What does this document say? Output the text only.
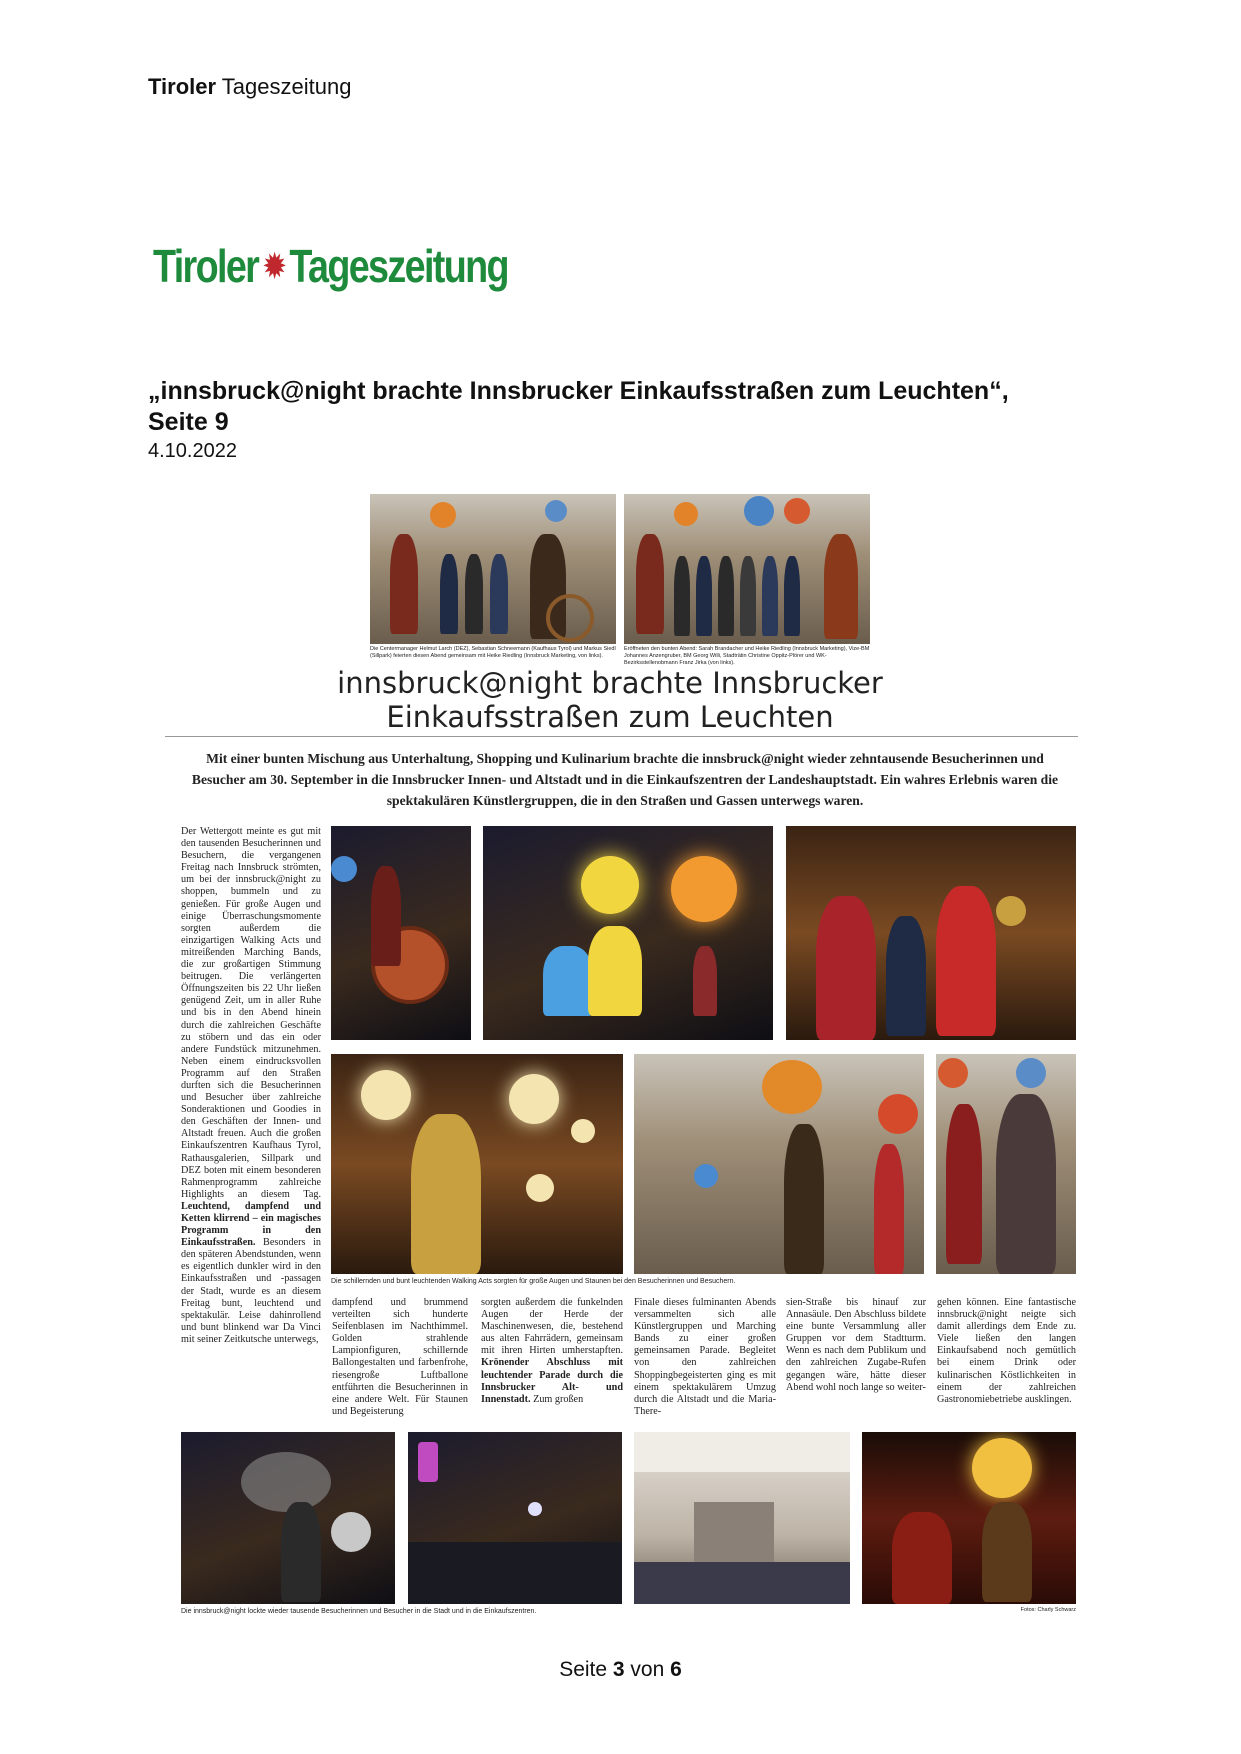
Tiroler Tageszeitung
Tiroler ✹ Tageszeitung
„innsbruck@night brachte Innsbrucker Einkaufsstraßen zum Leuchten“,
Seite 9
4.10.2022
Die Centermanager Helmut Larch (DEZ), Sebastian Schneemann (Kaufhaus Tyrol) und Markus Siedl (Sillpark) feierten diesen Abend gemeinsam mit Heike Riedling (Innsbruck Marketing, von links).
Eröffneten den bunten Abend: Sarah Brandacher und Heike Riedling (Innsbruck Marketing), Vize-BM Johannes Anzengruber, BM Georg Willi, Stadträtin Christine Oppitz-Plörer und WK-Bezirksstellenobmann Franz Jirka (von links).
innsbruck@night brachte Innsbrucker
Einkaufsstraßen zum Leuchten
Mit einer bunten Mischung aus Unterhaltung, Shopping und Kulinarium brachte die innsbruck@night wieder zehntausende Besucherinnen und Besucher am 30. September in die Innsbrucker Innen- und Altstadt und in die Einkaufszentren der Landeshauptstadt. Ein wahres Erlebnis waren die spektakulären Künstlergruppen, die in den Straßen und Gassen unterwegs waren.
Der Wettergott meinte es gut mit den tausenden Besucherinnen und Besuchern, die vergangenen Freitag nach Innsbruck strömten, um bei der innsbruck@night zu shoppen, bummeln und zu genießen. Für große Augen und einige Überraschungsmomente sorgten außerdem die einzigartigen Walking Acts und mitreißenden Marching Bands, die zur großartigen Stimmung beitrugen. Die verlängerten Öffnungszeiten bis 22 Uhr ließen genügend Zeit, um in aller Ruhe und bis in den Abend hinein durch die zahlreichen Geschäfte zu stöbern und das ein oder andere Fundstück mitzunehmen. Neben einem eindrucksvollen Programm auf den Straßen durften sich die Besucherinnen und Besucher über zahlreiche Sonderaktionen und Goodies in den Geschäften der Innen- und Altstadt freuen. Auch die großen Einkaufszentren Kaufhaus Tyrol, Rathausgalerien, Sillpark und DEZ boten mit einem besonderen Rahmenprogramm zahlreiche Highlights an diesem Tag. Leuchtend, dampfend und Ketten klirrend – ein magisches Programm in den Einkaufsstraßen. Besonders in den späteren Abendstunden, wenn es eigentlich dunkler wird in den Einkaufsstraßen und -passagen der Stadt, wurde es an diesem Freitag bunt, leuchtend und spektakulär. Leise dahinrollend und bunt blinkend war Da Vinci mit seiner Zeitkutsche unterwegs,
Die schillernden und bunt leuchtenden Walking Acts sorgten für große Augen und Staunen bei den Besucherinnen und Besuchern.
dampfend und brummend verteilten sich hunderte Seifenblasen im Nachthimmel. Golden strahlende Lampionfiguren, schillernde Ballongestalten und farbenfrohe, riesengroße Luftballone entführten die Besucherinnen in eine andere Welt. Für Staunen und Begeisterung
sorgten außerdem die funkelnden Augen der Herde der Maschinenwesen, die, bestehend aus alten Fahrrädern, gemeinsam mit ihren Hirten umherstapften. Krönender Abschluss mit leuchtender Parade durch die Innsbrucker Alt- und Innenstadt. Zum großen
Finale dieses fulminanten Abends versammelten sich alle Künstlergruppen und Marching Bands zu einer großen gemeinsamen Parade. Begleitet von den zahlreichen Shoppingbegeisterten ging es mit einem spektakulärem Umzug durch die Altstadt und die Maria-There-
sien-Straße bis hinauf zur Annasäule. Den Abschluss bildete eine bunte Versammlung aller Gruppen vor dem Stadtturm. Wenn es nach dem Publikum und den zahlreichen Zugabe-Rufen gegangen wäre, hätte dieser Abend wohl noch lange so weiter-
gehen können. Eine fantastische innsbruck@night neigte sich damit allerdings dem Ende zu. Viele ließen den langen Einkaufsabend noch gemütlich bei einem Drink oder kulinarischen Köstlichkeiten in einem der zahlreichen Gastronomiebetriebe ausklingen.
Die innsbruck@night lockte wieder tausende Besucherinnen und Besucher in die Stadt und in die Einkaufszentren.	Fotos: Charly Schwarz
Seite 3 von 6
